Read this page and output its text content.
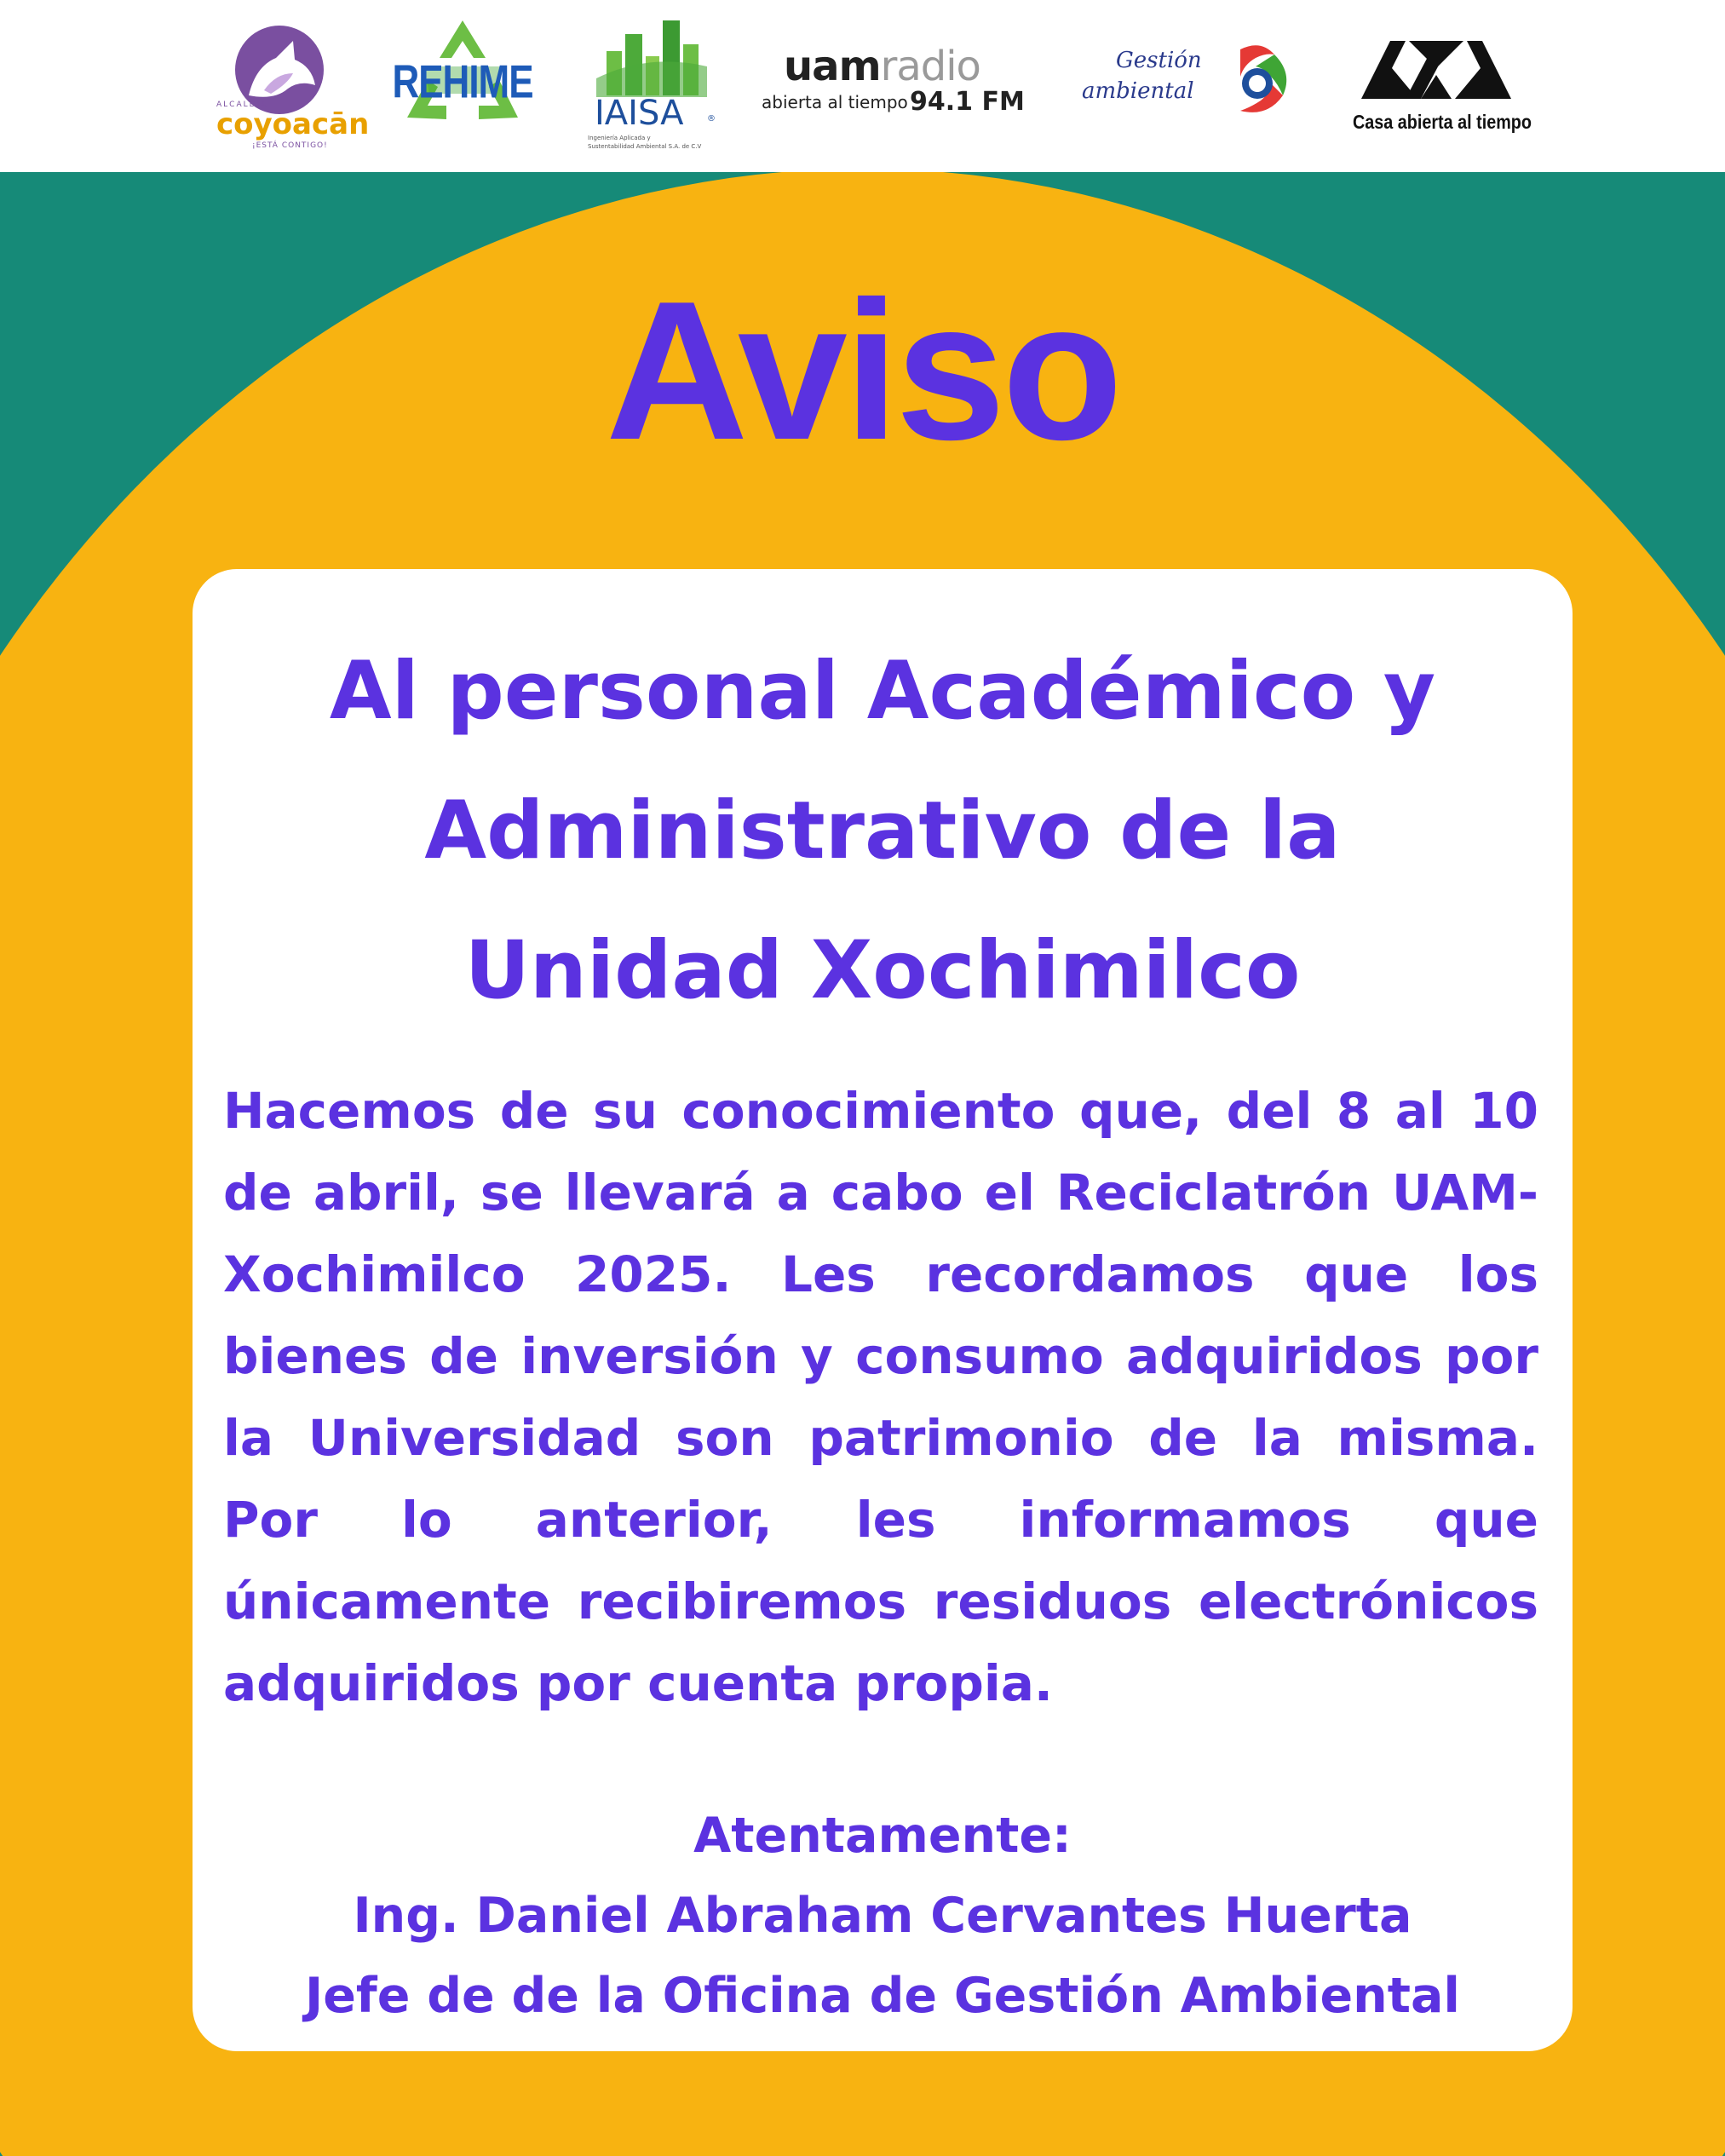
ALCALDÍA
coyoacān
¡ESTÁ CONTIGO!
REHIME
IAISA	®
Ingeniería Aplicada y
Sustentabilidad Ambiental S.A. de C.V
uamradio
abierta al tiempo 94.1 FM
Gestión
ambiental
Casa abierta al tiempo
Aviso
Al personal Académico y
Administrativo de la
Unidad Xochimilco
Hacemos de su conocimiento que, del 8 al 10 de abril, se llevará a cabo el Reciclatrón UAM-Xochimilco 2025. Les recordamos que los bienes de inversión y consumo adquiridos por la Universidad son patrimonio de la misma. Por lo anterior, les informamos que únicamente recibiremos residuos electrónicos adquiridos por cuenta propia.
Atentamente:
Ing. Daniel Abraham Cervantes Huerta
Jefe de de la Oficina de Gestión Ambiental
